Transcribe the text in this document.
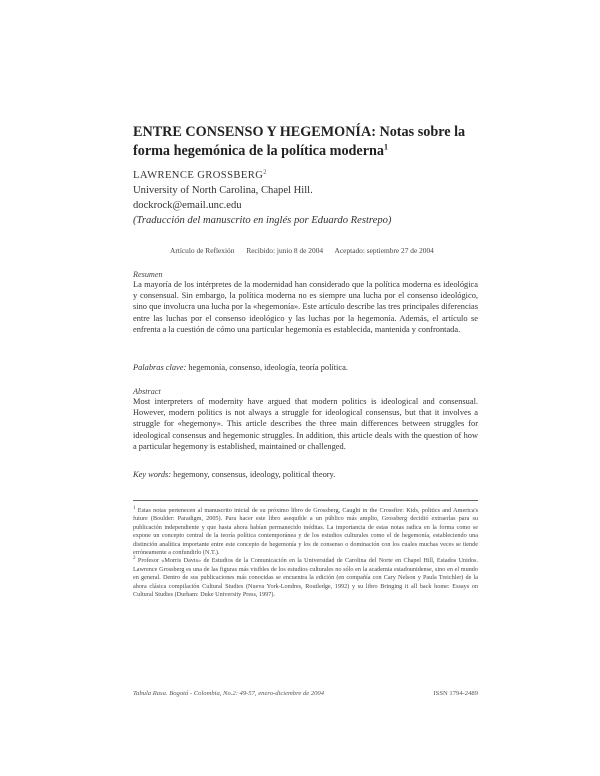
ENTRE CONSENSO Y HEGEMONÍA: Notas sobre la forma hegemónica de la política moderna$^1$
LAWRENCE GROSSBERG$^2$
University of North Carolina, Chapel Hill.
dockrock@email.unc.edu
(Traducción del manuscrito en inglés por Eduardo Restrepo)
Artículo de Reflexión Recibido: junio 8 de 2004 Aceptado: septiembre 27 de 2004
Resumen

La mayoría de los intérpretes de la modernidad han considerado que la política moderna es ideológica y consensual. Sin embargo, la política moderna no es siempre una lucha por el consenso ideológico, sino que involucra una lucha por la «hegemonía». Este artículo describe las tres principales diferencias entre las luchas por el consenso ideológico y las luchas por la hegemonía. Además, el artículo se enfrenta a la cuestión de cómo una particular hegemonía es establecida, mantenida y confrontada.

Palabras clave: hegemonía, consenso, ideología, teoría política.
Abstract

Most interpreters of modernity have argued that modern politics is ideological and consensual. However, modern politics is not always a struggle for ideological consensus, but that it involves a struggle for «hegemony». This article describes the three main differences between struggles for ideological consensus and hegemonic struggles. In addition, this article deals with the question of how a particular hegemony is established, maintained or challenged.

Key words: hegemony, consensus, ideology, political theory.

$^1$ Estas notas pertenecen al manuscrito inicial de su próximo libro de Grossberg, Caught in the Crossfire: Kids, politics and America's future (Boulder: Paradigm, 2005). Para hacer este libro asequible a un público más amplio, Grossberg decidió extraerlas para su publicación independiente y que hasta ahora habían permanecido inéditas. La importancia de estas notas radica en la forma como se expone un concepto central de la teoría política contemporánea y de los estudios culturales como el de hegemonía, estableciendo una distinción analítica importante entre este concepto de hegemonía y los de consenso o dominación con los cuales muchas veces se tiende erróneamente a confundirlo (N.T.).

$^2$ Profesor «Morris Davis» de Estudios de la Comunicación en la Universidad de Carolina del Norte en Chapel Hill, Estados Unidos. Lawrence Grossberg es una de las figuras más visibles de los estudios culturales no sólo en la academia estadounidense, sino en el mundo en general. Dentro de sus publicaciones más conocidas se encuentra la edición (en compañía con Cary Nelson y Paula Treichler) de la ahora clásica compilación Cultural Studies (Nueva York-Londres, Routledge, 1992) y su libro Bringing it all back home: Essays on Cultural Studies (Durham: Duke University Press, 1997).

Tabula Rasa. Bogotá - Colombia, No.2: 49-57, enero-diciembre de 2004	ISSN 1794-2489
